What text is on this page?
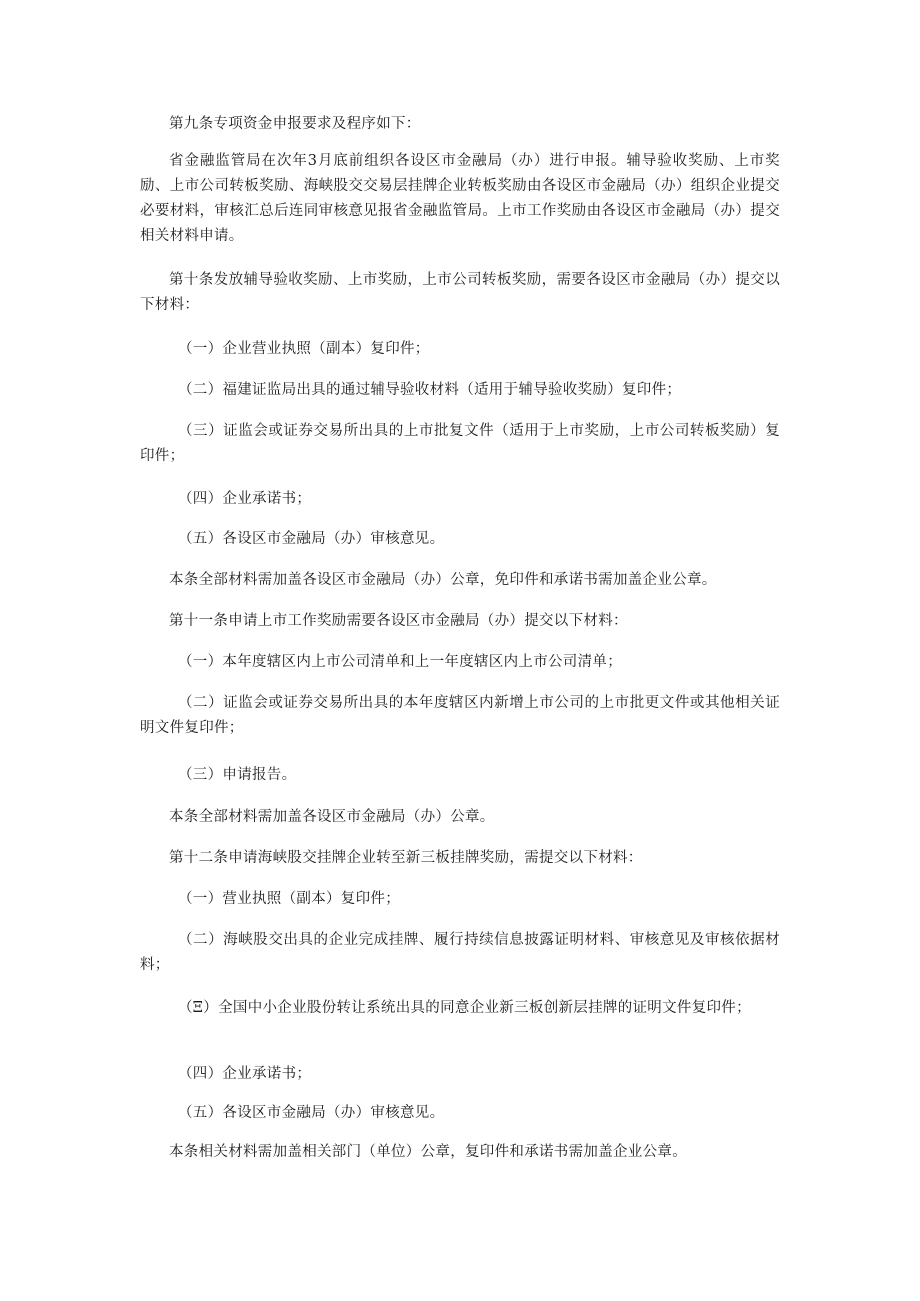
第九条专项资金申报要求及程序如下：

省金融监管局在次年3月底前组织各设区市金融局（办）进行申报。辅导验收奖励、上市奖励、上市公司转板奖励、海峡股交交易层挂牌企业转板奖励由各设区市金融局（办）组织企业提交必要材料，审核汇总后连同审核意见报省金融监管局。上市工作奖励由各设区市金融局（办）提交相关材料申请。

第十条发放辅导验收奖励、上市奖励，上市公司转板奖励，需要各设区市金融局（办）提交以下材料：

（一）企业营业执照（副本）复印件；

（二）福建证监局出具的通过辅导验收材料（适用于辅导验收奖励）复印件；

（三）证监会或证券交易所出具的上市批复文件（适用于上市奖励，上市公司转板奖励）复印件；

（四）企业承诺书；

（五）各设区市金融局（办）审核意见。

本条全部材料需加盖各设区市金融局（办）公章，免印件和承诺书需加盖企业公章。

第十一条申请上市工作奖励需要各设区市金融局（办）提交以下材料：

（一）本年度辖区内上市公司清单和上一年度辖区内上市公司清单；

（二）证监会或证券交易所出具的本年度辖区内新增上市公司的上市批更文件或其他相关证明文件复印件；

（三）申请报告。

本条全部材料需加盖各设区市金融局（办）公章。

第十二条申请海峡股交挂牌企业转至新三板挂牌奖励，需提交以下材料：

（一）营业执照（副本）复印件；

（二）海峡股交出具的企业完成挂牌、履行持续信息披露证明材料、审核意见及审核依据材料；

（Ξ）全国中小企业股份转让系统出具的同意企业新三板创新层挂牌的证明文件复印件；

（四）企业承诺书；

（五）各设区市金融局（办）审核意见。

本条相关材料需加盖相关部门（单位）公章，复印件和承诺书需加盖企业公章。
